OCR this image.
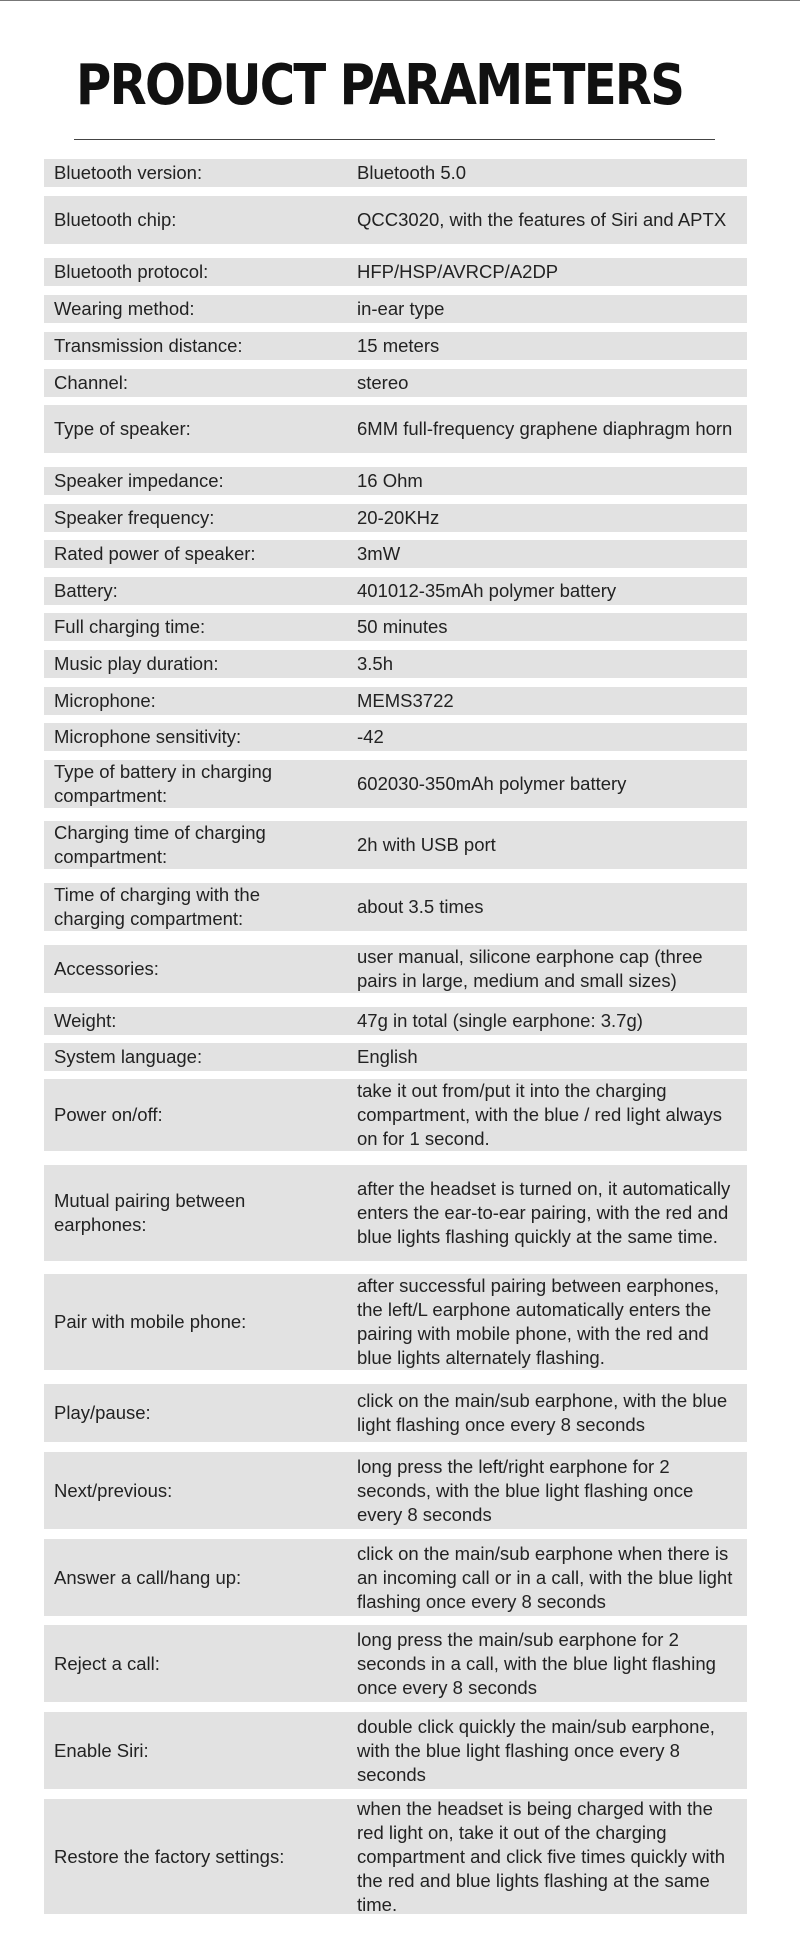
PRODUCT PARAMETERS
Bluetooth version:	Bluetooth 5.0
Bluetooth chip:	QCC3020, with the features of Siri and APTX
Bluetooth protocol:	HFP/HSP/AVRCP/A2DP
Wearing method:	in-ear type
Transmission distance:	15 meters
Channel:	stereo
Type of speaker:	6MM full-frequency graphene diaphragm horn
Speaker impedance:	16 Ohm
Speaker frequency:	20-20KHz
Rated power of speaker:	3mW
Battery:	401012-35mAh polymer battery
Full charging time:	50 minutes
Music play duration:	3.5h
Microphone:	MEMS3722
Microphone sensitivity:	-42
Type of battery in charging compartment:
602030-350mAh polymer battery
Charging time of charging compartment:
2h with USB port
Time of charging with the charging compartment:
about 3.5 times
Accessories:
user manual, silicone earphone cap (three pairs in large, medium and small sizes)
Weight:	47g in total (single earphone: 3.7g)
System language:	English
Power on/off:
take it out from/put it into the charging compartment, with the blue / red light always on for 1 second.
Mutual pairing between earphones:
after the headset is turned on, it automatically enters the ear-to-ear pairing, with the red and blue lights flashing quickly at the same time.
Pair with mobile phone:
after successful pairing between earphones, the left/L earphone automatically enters the pairing with mobile phone, with the red and blue lights alternately flashing.
Play/pause:
click on the main/sub earphone, with the blue light flashing once every 8 seconds
Next/previous:
long press the left/right earphone for 2 seconds, with the blue light flashing once every 8 seconds
Answer a call/hang up:
click on the main/sub earphone when there is an incoming call or in a call, with the blue light flashing once every 8 seconds
Reject a call:
long press the main/sub earphone for 2 seconds in a call, with the blue light flashing once every 8 seconds
Enable Siri:
double click quickly the main/sub earphone, with the blue light flashing once every 8 seconds
Restore the factory settings:
when the headset is being charged with the red light on, take it out of the charging compartment and click five times quickly with the red and blue lights flashing at the same time.
